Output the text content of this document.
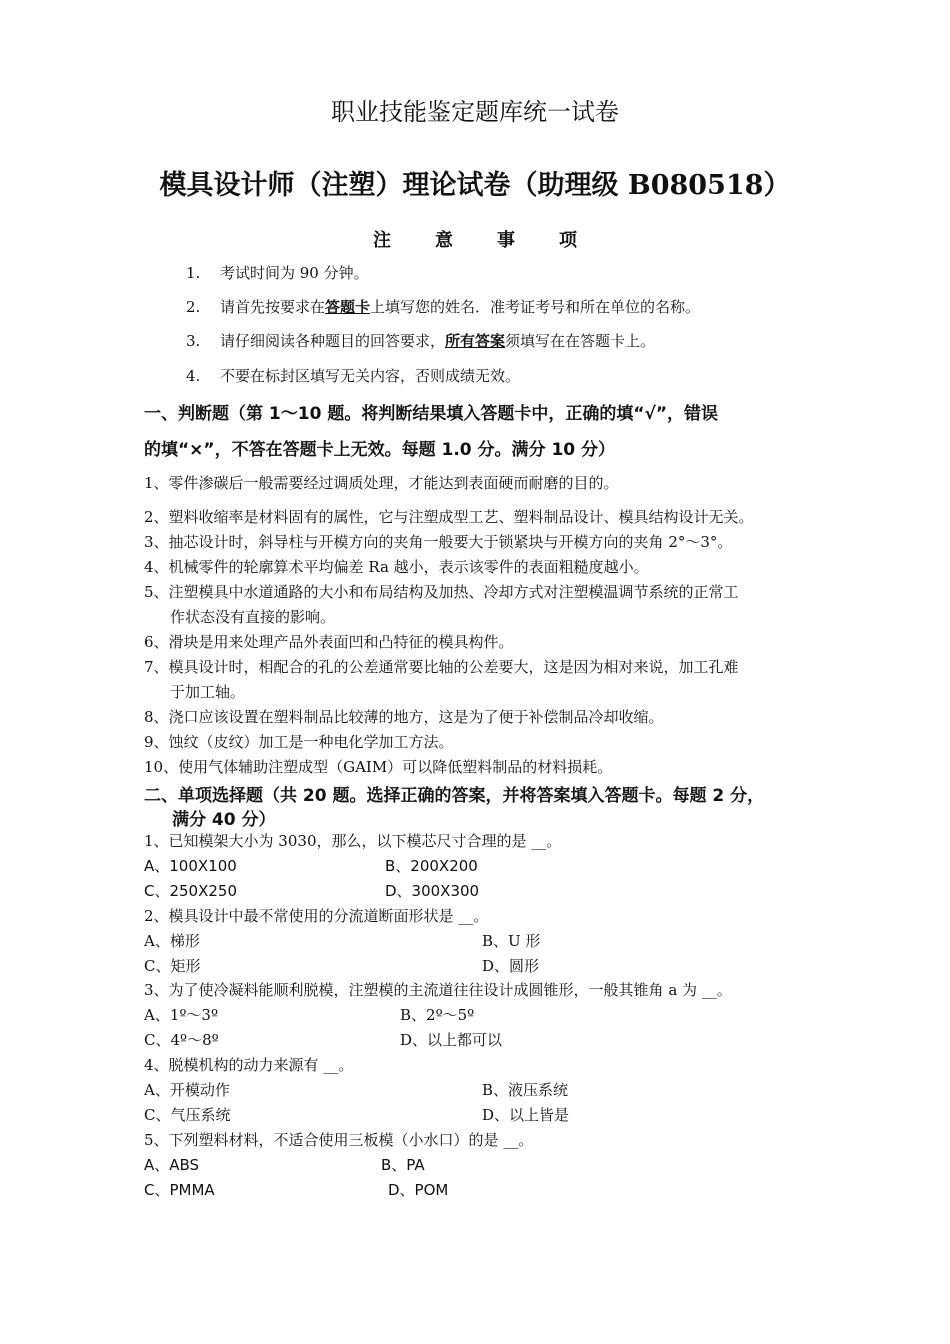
职业技能鉴定题库统一试卷
模具设计师（注塑）理论试卷（助理级 B080518）
注 意 事 项
1. 考试时间为 90 分钟。
2. 请首先按要求在答题卡上填写您的姓名．准考证考号和所在单位的名称。
3. 请仔细阅读各种题目的回答要求，所有答案须填写在在答题卡上。
4. 不要在标封区填写无关内容，否则成绩无效。
一、判断题（第 1～10 题。将判断结果填入答题卡中，正确的填“√”，错误
的填“×”，不答在答题卡上无效。每题 1.0 分。满分 10 分）
1、零件渗碳后一般需要经过调质处理，才能达到表面硬而耐磨的目的。
2、塑料收缩率是材料固有的属性，它与注塑成型工艺、塑料制品设计、模具结构设计无关。
3、抽芯设计时，斜导柱与开模方向的夹角一般要大于锁紧块与开模方向的夹角 2°～3°。
4、机械零件的轮廓算术平均偏差 Ra 越小，表示该零件的表面粗糙度越小。
5、注塑模具中水道通路的大小和布局结构及加热、冷却方式对注塑模温调节系统的正常工
作状态没有直接的影响。
6、滑块是用来处理产品外表面凹和凸特征的模具构件。
7、模具设计时，相配合的孔的公差通常要比轴的公差要大，这是因为相对来说，加工孔难
于加工轴。
8、浇口应该设置在塑料制品比较薄的地方，这是为了便于补偿制品冷却收缩。
9、蚀纹（皮纹）加工是一种电化学加工方法。
10、使用气体辅助注塑成型（GAIM）可以降低塑料制品的材料损耗。
二、单项选择题（共 20 题。选择正确的答案，并将答案填入答题卡。每题 2 分，
满分 40 分）
1、已知模架大小为 3030，那么，以下模芯尺寸合理的是 __。
A、100X100	B、200X200
C、250X250	D、300X300
2、模具设计中最不常使用的分流道断面形状是 __。
A、梯形	B、U 形
C、矩形	D、圆形
3、为了使冷凝料能顺利脱模，注塑模的主流道往往设计成圆锥形，一般其锥角 a 为 __。
A、1º～3º	B、2º～5º
C、4º～8º	D、以上都可以
4、脱模机构的动力来源有 __。
A、开模动作	B、液压系统
C、气压系统	D、以上皆是
5、下列塑料材料，不适合使用三板模（小水口）的是 __。
A、ABS	B、PA
C、PMMA	D、POM
